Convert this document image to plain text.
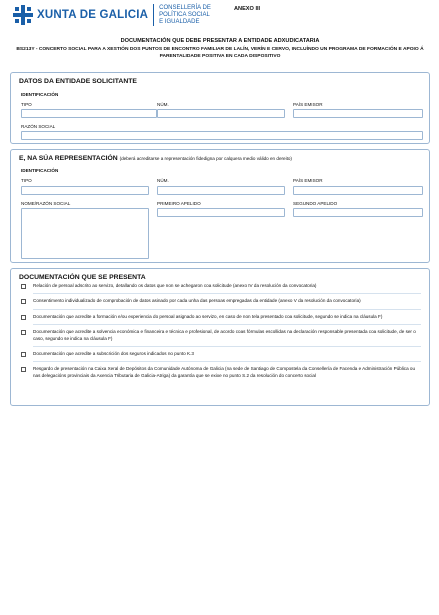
XUNTA DE GALICIA
CONSELLERÍA DE
POLÍTICA SOCIAL
E IGUALDADE
ANEXO III
DOCUMENTACIÓN QUE DEBE PRESENTAR A ENTIDADE ADXUDICATARIA
BS213Y - CONCERTO SOCIAL PARA A XESTIÓN DOS PUNTOS DE ENCONTRO FAMILIAR DE LALÍN, VERÍN E CERVO, INCLUÍNDO UN PROGRAMA DE FORMACIÓN E APOIO Á PARENTALIDADE POSITIVA EN CADA DISPOSITIVO
DATOS DA ENTIDADE SOLICITANTE
IDENTIFICACIÓN
TIPO	NÚM.	PAÍS EMISOR
RAZÓN SOCIAL
E, NA SÚA REPRESENTACIÓN (deberá acreditarse a representación fidedigna por calquera medio válido en dereito)
IDENTIFICACIÓN
TIPO	NÚM.	PAÍS EMISOR
NOME/RAZÓN SOCIAL	PRIMEIRO APELIDO	SEGUNDO APELIDO
DOCUMENTACIÓN QUE SE PRESENTA
Relación de persoal adscrito ao servizo, detallando os datos que non se achegaron coa solicitude (anexo IV da resolución da convocatoria)
Consentimento individualizado de comprobación de datos asinado por cada unha das persoas empregadas da entidade (anexo V da resolución da convocatoria)
Documentación que acredite a formación e/ou experiencia do persoal asignado ao servizo, en caso de non tela presentado coa solicitude, segundo se indica na cláusula F)
Documentación que acredite a solvencia económica e financeira e técnica e profesional, de acordo coas fórmulas escollidas na declaración responsable presentada coa solicitude, de ser o caso, segundo se indica na cláusula F)
Documentación que acredite a subscrición dos seguros indicados no punto K.3
Resgardo de presentación na Caixa Xeral de Depósitos da Comunidade Autónoma de Galicia (na sede de Santiago de Compostela da Consellería de Facenda e Administración Pública ou nas delegacións provinciais da Axencia Tributaria de Galicia-Atriga) da garantía que se exixe no punto S.2 da resolución do concerto social
